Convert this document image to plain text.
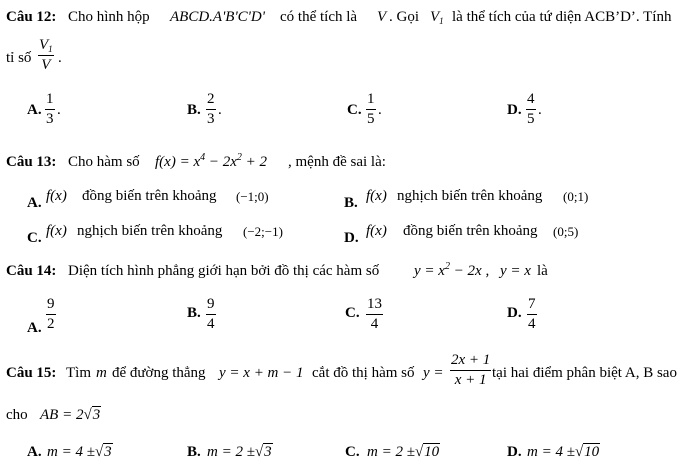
Câu 12: Cho hình hộp ABCD.A'B'C'D' có thể tích là V . Gọi $V_1$ là thể tích của tứ diện ACB’D’. Tính
tỉ số
$V_1$
V .
A.
1
3
.	B.
2
3
.	C.
1
5
.	D.
4
5
.
Câu 13: Cho hàm số $f(x) = x^4 - 2x^2 + 2$ , mệnh đề sai là:
A. f(x) đồng biến trên khoảng (−1;0)	B. f(x) nghịch biến trên khoảng (0;1)
C. f(x) nghịch biến trên khoảng (−2;−1)	D. f(x) đồng biến trên khoảng (0;5)
Câu 14: Diện tích hình phẳng giới hạn bởi đồ thị các hàm số $y = x^2 - 2x$ , y = x là
A.
9
2
B.
9
4
C.
13
4
D.
7
4
Câu 15: Tìm m để đường thẳng y = x + m − 1 cắt đồ thị hàm số y =
2x + 1
x + 1 tại hai điểm phân biệt A, B sao
cho AB = 2√3
A. m = 4 ±√3	B. m = 2 ±√3	C. m = 2 ±√10	D. m = 4 ±√10
